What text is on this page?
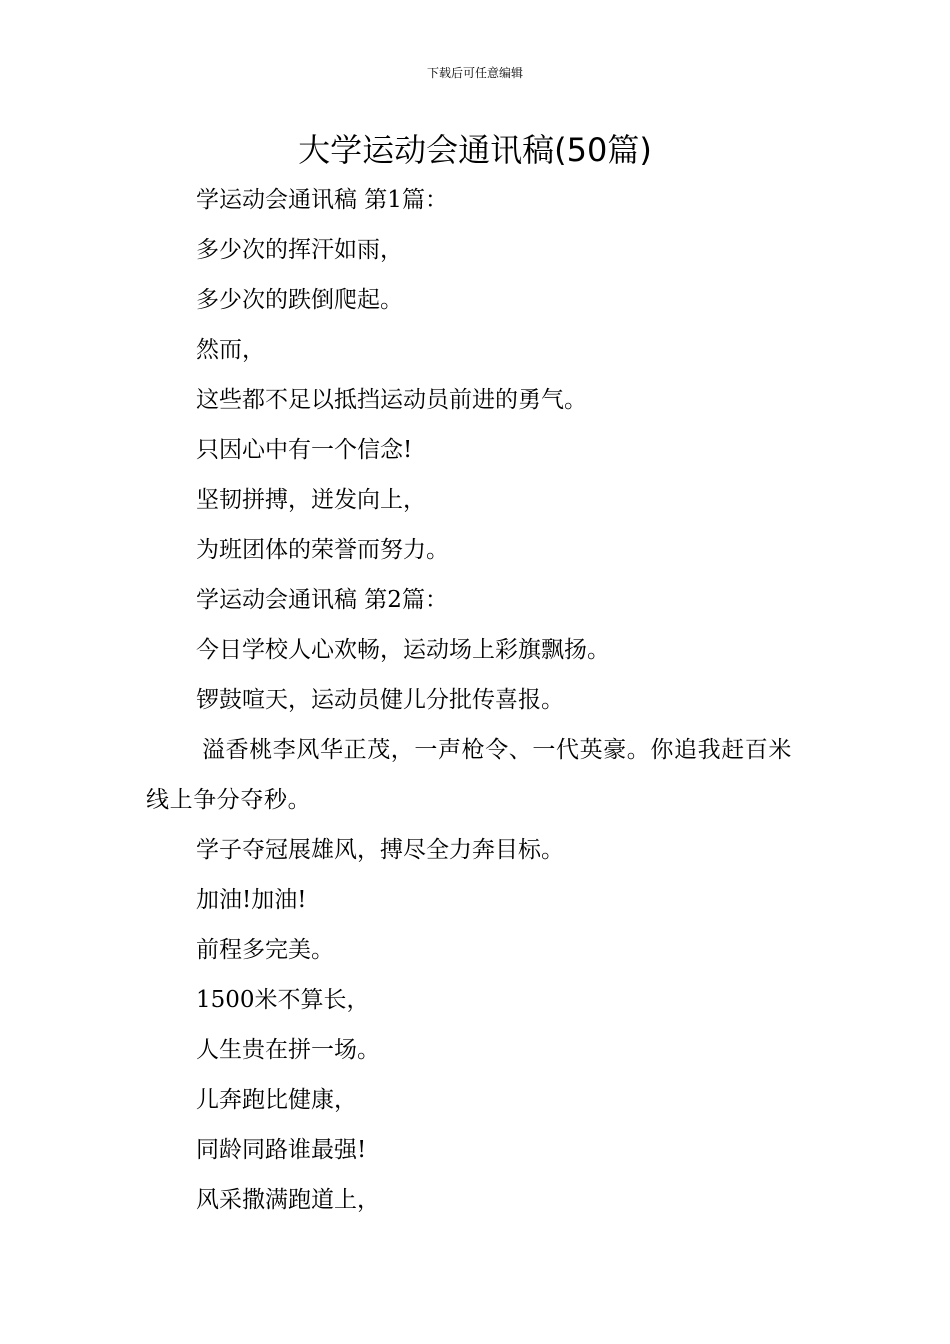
下载后可任意编辑
大学运动会通讯稿(50篇)

学运动会通讯稿 第1篇：

多少次的挥汗如雨，

多少次的跌倒爬起。

然而，

这些都不足以抵挡运动员前进的勇气。

只因心中有一个信念!

坚韧拼搏，迸发向上，

为班团体的荣誉而努力。

学运动会通讯稿 第2篇：

今日学校人心欢畅，运动场上彩旗飘扬。

锣鼓喧天，运动员健儿分批传喜报。

溢香桃李风华正茂，一声枪令、一代英豪。你追我赶百米线上争分夺秒。

学子夺冠展雄风，搏尽全力奔目标。

加油!加油!

前程多完美。

1500米不算长，

人生贵在拼一场。

儿奔跑比健康，

同龄同路谁最强!

风采撒满跑道上，
